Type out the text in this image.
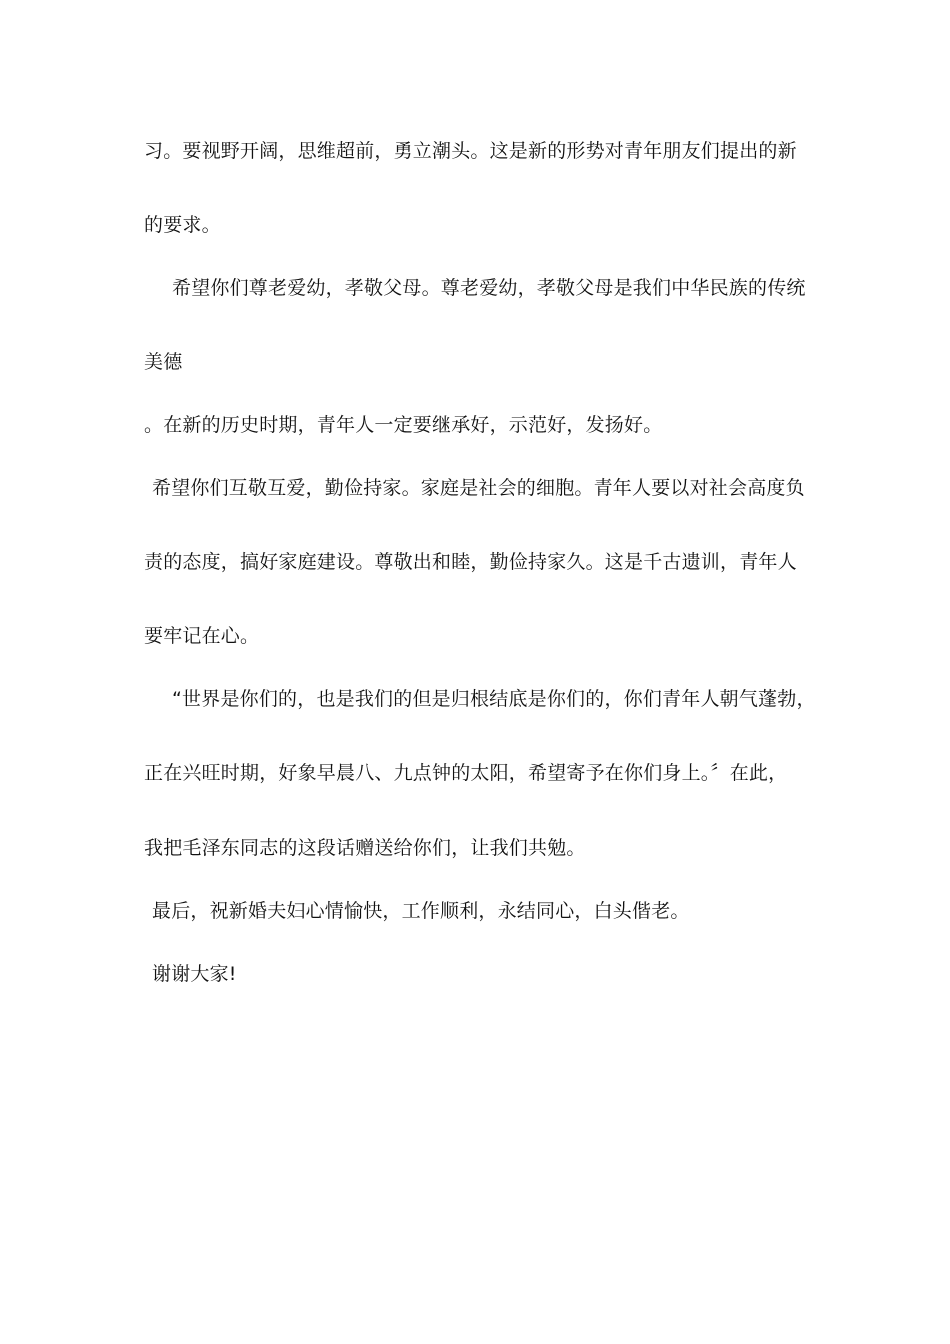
习。要视野开阔，思维超前，勇立潮头。这是新的形势对青年朋友们提出的新
的要求。
希望你们尊老爱幼，孝敬父母。尊老爱幼，孝敬父母是我们中华民族的传统
美德
。在新的历史时期，青年人一定要继承好，示范好，发扬好。
希望你们互敬互爱，勤俭持家。家庭是社会的细胞。青年人要以对社会高度负
责的态度，搞好家庭建设。尊敬出和睦，勤俭持家久。这是千古遗训，青年人
要牢记在心。
“世界是你们的，也是我们的但是归根结底是你们的，你们青年人朝气蓬勃，
正在兴旺时期，好象早晨八、九点钟的太阳，希望寄予在你们身上。〞在此，
我把毛泽东同志的这段话赠送给你们，让我们共勉。
最后，祝新婚夫妇心情愉快，工作顺利，永结同心，白头偕老。
谢谢大家!
